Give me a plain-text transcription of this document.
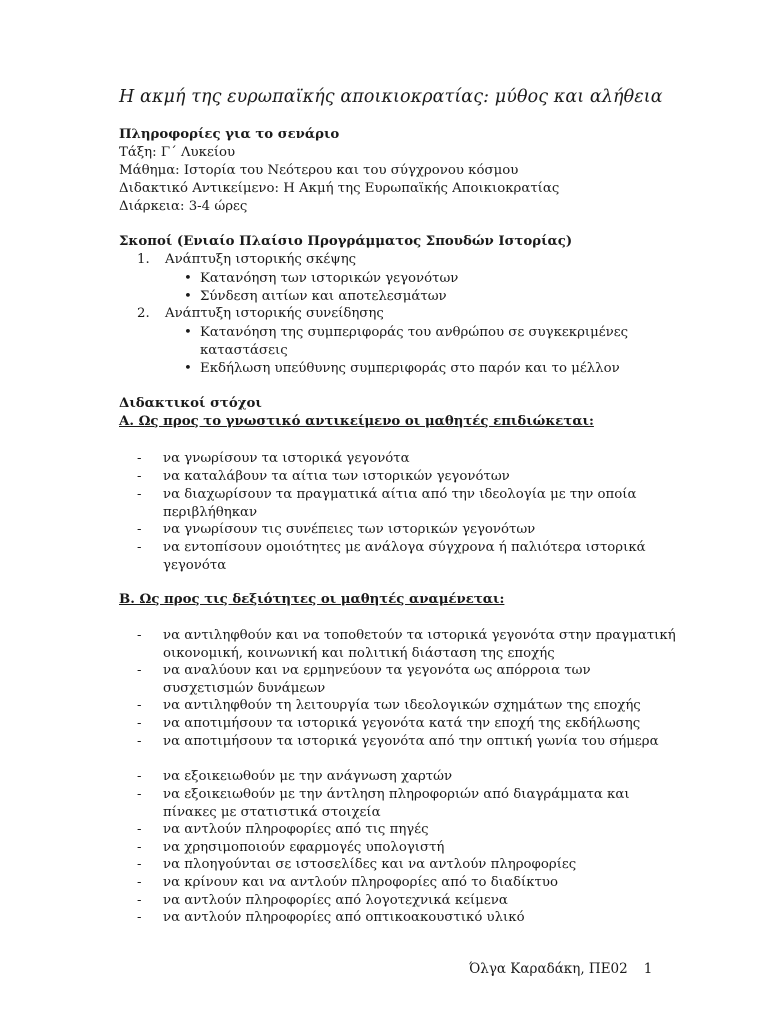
Η ακμή της ευρωπαϊκής αποικιοκρατίας: μύθος και αλήθεια
Πληροφορίες για το σενάριο
Τάξη: Γ΄ Λυκείου
Μάθημα: Ιστορία του Νεότερου και του σύγχρονου κόσμου
Διδακτικό Αντικείμενο: Η Ακμή της Ευρωπαϊκής Αποικιοκρατίας
Διάρκεια: 3-4 ώρες
Σκοποί (Ενιαίο Πλαίσιο Προγράμματος Σπουδών Ιστορίας)
1. Ανάπτυξη ιστορικής σκέψης
• Κατανόηση των ιστορικών γεγονότων
• Σύνδεση αιτίων και αποτελεσμάτων
2. Ανάπτυξη ιστορικής συνείδησης
• Κατανόηση της συμπεριφοράς του ανθρώπου σε συγκεκριμένες καταστάσεις
• Εκδήλωση υπεύθυνης συμπεριφοράς στο παρόν και το μέλλον
Διδακτικοί στόχοι
Α. Ως προς το γνωστικό αντικείμενο οι μαθητές επιδιώκεται:
- να γνωρίσουν τα ιστορικά γεγονότα
- να καταλάβουν τα αίτια των ιστορικών γεγονότων
- να διαχωρίσουν τα πραγματικά αίτια από την ιδεολογία με την οποία περιβλήθηκαν
- να γνωρίσουν τις συνέπειες των ιστορικών γεγονότων
- να εντοπίσουν ομοιότητες με ανάλογα σύγχρονα ή παλιότερα ιστορικά γεγονότα
Β. Ως προς τις δεξιότητες οι μαθητές αναμένεται:
- να αντιληφθούν και να τοποθετούν τα ιστορικά γεγονότα στην πραγματική οικονομική, κοινωνική και πολιτική διάσταση της εποχής
- να αναλύουν και να ερμηνεύουν τα γεγονότα ως απόρροια των συσχετισμών δυνάμεων
- να αντιληφθούν τη λειτουργία των ιδεολογικών σχημάτων της εποχής
- να αποτιμήσουν τα ιστορικά γεγονότα κατά την εποχή της εκδήλωσης
- να αποτιμήσουν τα ιστορικά γεγονότα από την οπτική γωνία του σήμερα
- να εξοικειωθούν με την ανάγνωση χαρτών
- να εξοικειωθούν με την άντληση πληροφοριών από διαγράμματα και πίνακες με στατιστικά στοιχεία
- να αντλούν πληροφορίες από τις πηγές
- να χρησιμοποιούν εφαρμογές υπολογιστή
- να πλοηγούνται σε ιστοσελίδες και να αντλούν πληροφορίες
- να κρίνουν και να αντλούν πληροφορίες από το διαδίκτυο
- να αντλούν πληροφορίες από λογοτεχνικά κείμενα
- να αντλούν πληροφορίες από οπτικοακουστικό υλικό
Όλγα Καραδάκη, ΠΕ02 1
